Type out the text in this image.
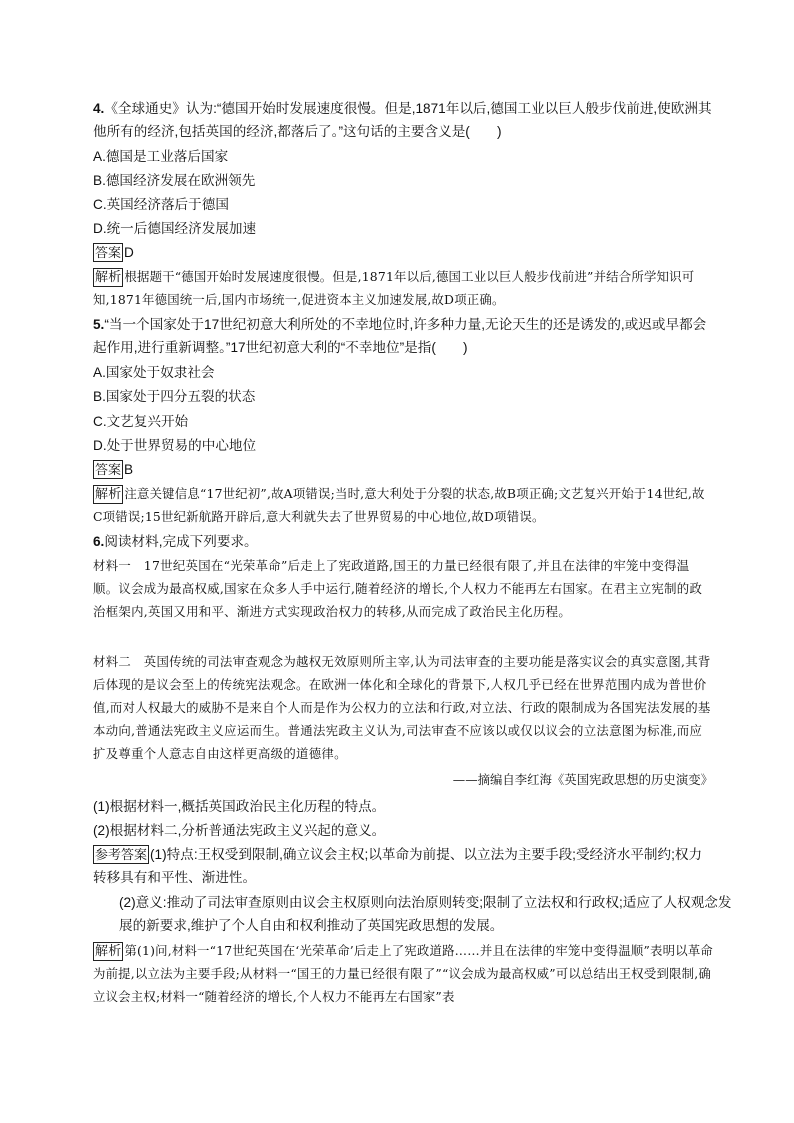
4.《全球通史》认为:“德国开始时发展速度很慢。但是,1871年以后,德国工业以巨人般步伐前进,使欧洲其他所有的经济,包括英国的经济,都落后了。”这句话的主要含义是(　　)
A.德国是工业落后国家
B.德国经济发展在欧洲领先
C.英国经济落后于德国
D.统一后德国经济发展加速
答案 D
解析 根据题干“德国开始时发展速度很慢。但是,1871年以后,德国工业以巨人般步伐前进”并结合所学知识可知,1871年德国统一后,国内市场统一,促进资本主义加速发展,故D项正确。
5.“当一个国家处于17世纪初意大利所处的不幸地位时,许多种力量,无论天生的还是诱发的,或迟或早都会起作用,进行重新调整。”17世纪初意大利的“不幸地位”是指(　　)
A.国家处于奴隶社会
B.国家处于四分五裂的状态
C.文艺复兴开始
D.处于世界贸易的中心地位
答案 B
解析 注意关键信息“17世纪初”,故A项错误;当时,意大利处于分裂的状态,故B项正确;文艺复兴开始于14世纪,故C项错误;15世纪新航路开辟后,意大利就失去了世界贸易的中心地位,故D项错误。
6.阅读材料,完成下列要求。
材料一　17世纪英国在“光荣革命”后走上了宪政道路,国王的力量已经很有限了,并且在法律的牢笼中变得温顺。议会成为最高权威,国家在众多人手中运行,随着经济的增长,个人权力不能再左右国家。在君主立宪制的政治框架内,英国又用和平、渐进方式实现政治权力的转移,从而完成了政治民主化历程。
材料二　英国传统的司法审查观念为越权无效原则所主宰,认为司法审查的主要功能是落实议会的真实意图,其背后体现的是议会至上的传统宪法观念。在欧洲一体化和全球化的背景下,人权几乎已经在世界范围内成为普世价值,而对人权最大的威胁不是来自个人而是作为公权力的立法和行政,对立法、行政的限制成为各国宪法发展的基本动向,普通法宪政主义应运而生。普通法宪政主义认为,司法审查不应该以或仅以议会的立法意图为标准,而应扩及尊重个人意志自由这样更高级的道德律。
——摘编自李红海《英国宪政思想的历史演变》
(1)根据材料一,概括英国政治民主化历程的特点。
(2)根据材料二,分析普通法宪政主义兴起的意义。
参考答案 (1)特点:王权受到限制,确立议会主权;以革命为前提、以立法为主要手段;受经济水平制约;权力转移具有和平性、渐进性。
(2)意义:推动了司法审查原则由议会主权原则向法治原则转变;限制了立法权和行政权;适应了人权观念发展的新要求,维护了个人自由和权利推动了英国宪政思想的发展。
解析 第(1)问,材料一“17世纪英国在‘光荣革命’后走上了宪政道路……并且在法律的牢笼中变得温顺”表明以革命为前提,以立法为主要手段;从材料一“国王的力量已经很有限了”“议会成为最高权威”可以总结出王权受到限制,确立议会主权;材料一“随着经济的增长,个人权力不能再左右国家”表
